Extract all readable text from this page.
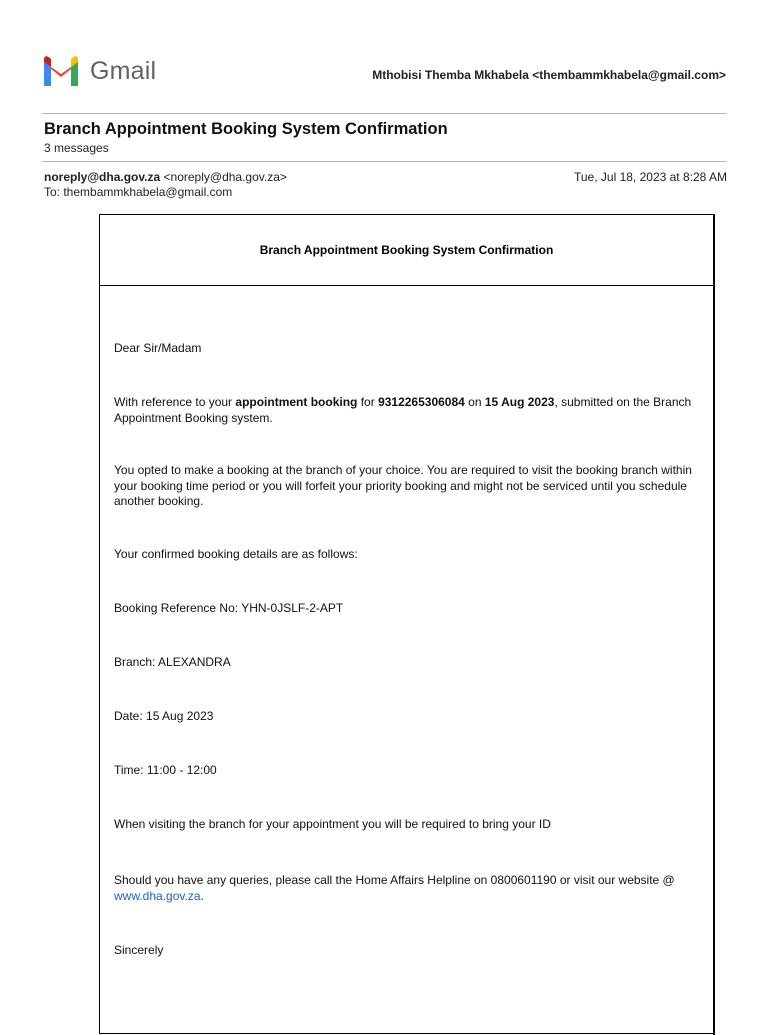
Gmail	Mthobisi Themba Mkhabela <thembammkhabela@gmail.com>
Branch Appointment Booking System Confirmation
3 messages
noreply@dha.gov.za <noreply@dha.gov.za>
To: thembammkhabela@gmail.com
Tue, Jul 18, 2023 at 8:28 AM
Branch Appointment Booking System Confirmation
Dear Sir/Madam
With reference to your appointment booking for 9312265306084 on 15 Aug 2023, submitted on the Branch Appointment Booking system.
You opted to make a booking at the branch of your choice. You are required to visit the booking branch within your booking time period or you will forfeit your priority booking and might not be serviced until you schedule another booking.
Your confirmed booking details are as follows:
Booking Reference No: YHN-0JSLF-2-APT
Branch: ALEXANDRA
Date: 15 Aug 2023
Time: 11:00 - 12:00
When visiting the branch for your appointment you will be required to bring your ID
Should you have any queries, please call the Home Affairs Helpline on 0800601190 or visit our website @ www.dha.gov.za.
Sincerely
